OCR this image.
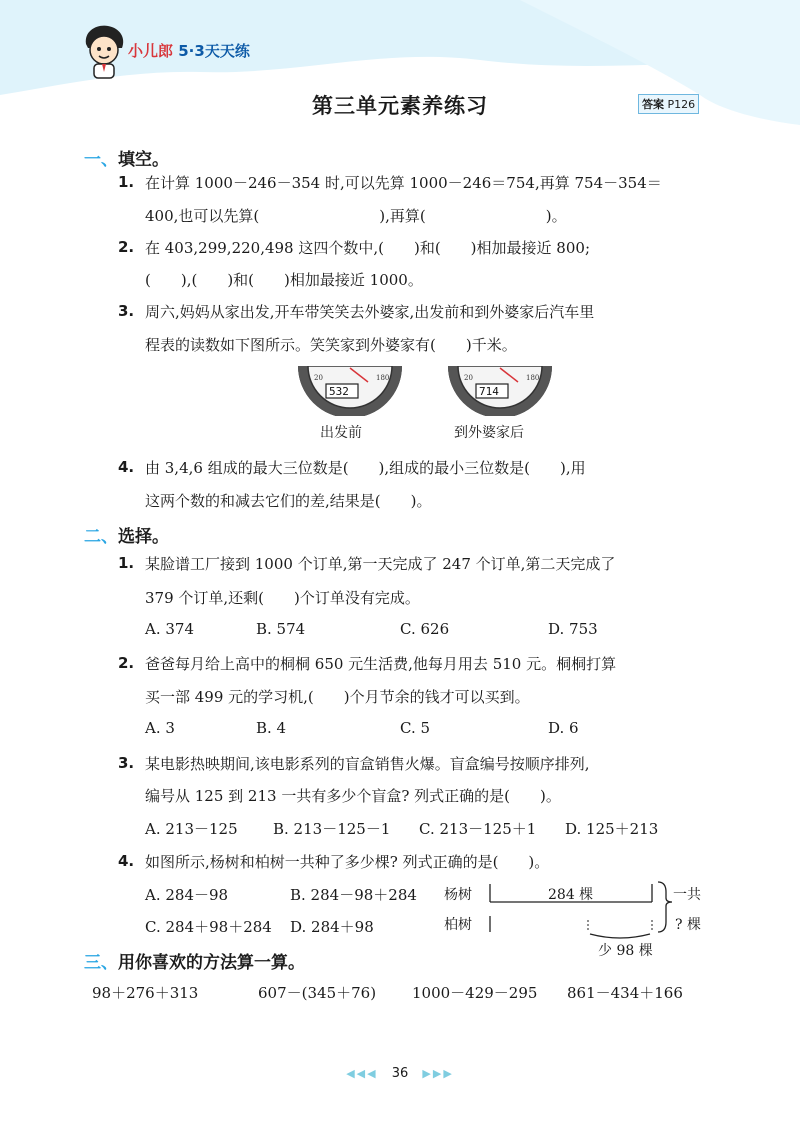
小儿郎 5·3天天练
第三单元素养练习	答案 P126
一、填空。
1. 在计算 1000－246－354 时,可以先算 1000－246＝754,再算 754－354＝
400,也可以先算(　　　　　　　　),再算(　　　　　　　　)。
2. 在 403,299,220,498 这四个数中,(　　)和(　　)相加最接近 800;
(　　),(　　)和(　　)相加最接近 1000。
3. 周六,妈妈从家出发,开车带笑笑去外婆家,出发前和到外婆家后汽车里
程表的读数如下图所示。笑笑家到外婆家有(　　)千米。
20	180
532
出发前
20	180
714
到外婆家后
4. 由 3,4,6 组成的最大三位数是(　　),组成的最小三位数是(　　),用
这两个数的和减去它们的差,结果是(　　)。
二、选择。
1. 某脸谱工厂接到 1000 个订单,第一天完成了 247 个订单,第二天完成了
379 个订单,还剩(　　)个订单没有完成。
A. 374	B. 574	C. 626	D. 753
2. 爸爸每月给上高中的桐桐 650 元生活费,他每月用去 510 元。桐桐打算
买一部 499 元的学习机,(　　)个月节余的钱才可以买到。
A. 3	B. 4	C. 5	D. 6
3. 某电影热映期间,该电影系列的盲盒销售火爆。盲盒编号按顺序排列,
编号从 125 到 213 一共有多少个盲盒? 列式正确的是(　　)。
A. 213－125 B. 213－125－1 C. 213－125＋1 D. 125＋213
4. 如图所示,杨树和柏树一共种了多少棵? 列式正确的是(　　)。
A. 284－98	B. 284－98＋284
C. 284＋98＋284 D. 284＋98
杨树
柏树
284 棵
少 98 棵
一共
? 棵
三、用你喜欢的方法算一算。
98＋276＋313	607－(345＋76) 1000－429－295 861－434＋166
◀◀◀ 36 ▶▶▶
